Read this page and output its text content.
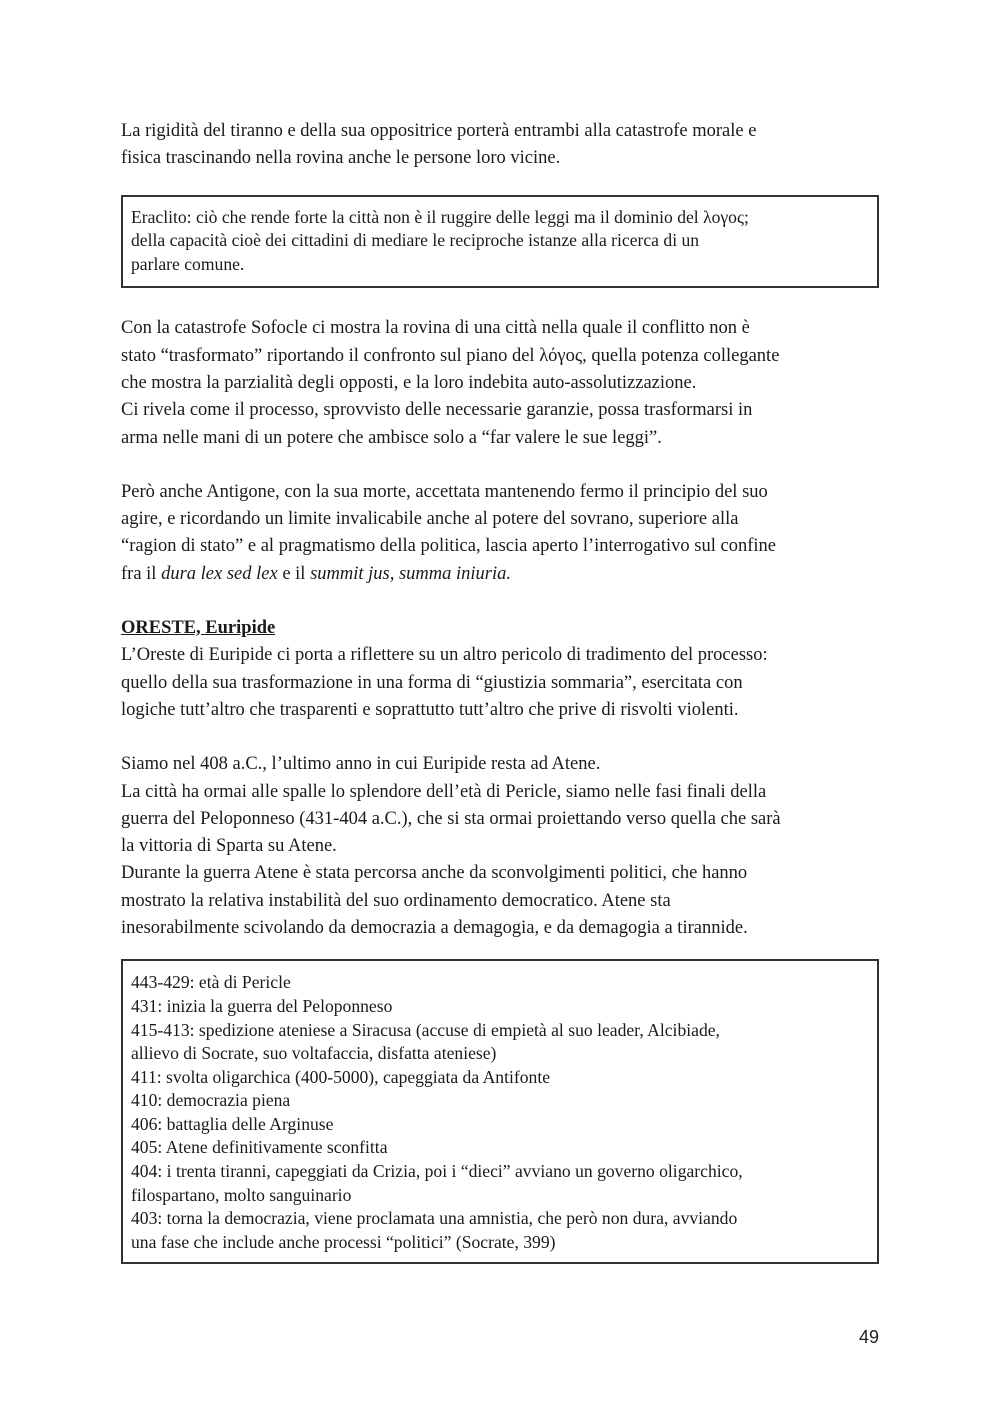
La rigidità del tiranno e della sua oppositrice porterà entrambi alla catastrofe morale e

fisica trascinando nella rovina anche le persone loro vicine.

Eraclito: ciò che rende forte la città non è il ruggire delle leggi ma il dominio del λογος;
della capacità cioè dei cittadini di mediare le reciproche istanze alla ricerca di un
parlare comune.

Con la catastrofe Sofocle ci mostra la rovina di una città nella quale il conflitto non è

stato “trasformato” riportando il confronto sul piano del λόγος, quella potenza collegante

che mostra la parzialità degli opposti, e la loro indebita auto-assolutizzazione.

Ci rivela come il processo, sprovvisto delle necessarie garanzie, possa trasformarsi in

arma nelle mani di un potere che ambisce solo a “far valere le sue leggi”.

Però anche Antigone, con la sua morte, accettata mantenendo fermo il principio del suo

agire, e ricordando un limite invalicabile anche al potere del sovrano, superiore alla

“ragion di stato” e al pragmatismo della politica, lascia aperto l’interrogativo sul confine

fra il dura lex sed lex e il summit jus, summa iniuria.

ORESTE, Euripide

L’Oreste di Euripide ci porta a riflettere su un altro pericolo di tradimento del processo:

quello della sua trasformazione in una forma di “giustizia sommaria”, esercitata con

logiche tutt’altro che trasparenti e soprattutto tutt’altro che prive di risvolti violenti.

Siamo nel 408 a.C., l’ultimo anno in cui Euripide resta ad Atene.

La città ha ormai alle spalle lo splendore dell’età di Pericle, siamo nelle fasi finali della

guerra del Peloponneso (431-404 a.C.), che si sta ormai proiettando verso quella che sarà

la vittoria di Sparta su Atene.

Durante la guerra Atene è stata percorsa anche da sconvolgimenti politici, che hanno

mostrato la relativa instabilità del suo ordinamento democratico. Atene sta

inesorabilmente scivolando da democrazia a demagogia, e da demagogia a tirannide.

443-429: età di Pericle
431: inizia la guerra del Peloponneso
415-413: spedizione ateniese a Siracusa (accuse di empietà al suo leader, Alcibiade,
allievo di Socrate, suo voltafaccia, disfatta ateniese)
411: svolta oligarchica (400-5000), capeggiata da Antifonte
410: democrazia piena
406: battaglia delle Arginuse
405: Atene definitivamente sconfitta
404: i trenta tiranni, capeggiati da Crizia, poi i “dieci” avviano un governo oligarchico,
filospartano, molto sanguinario
403: torna la democrazia, viene proclamata una amnistia, che però non dura, avviando
una fase che include anche processi “politici” (Socrate, 399)
49
